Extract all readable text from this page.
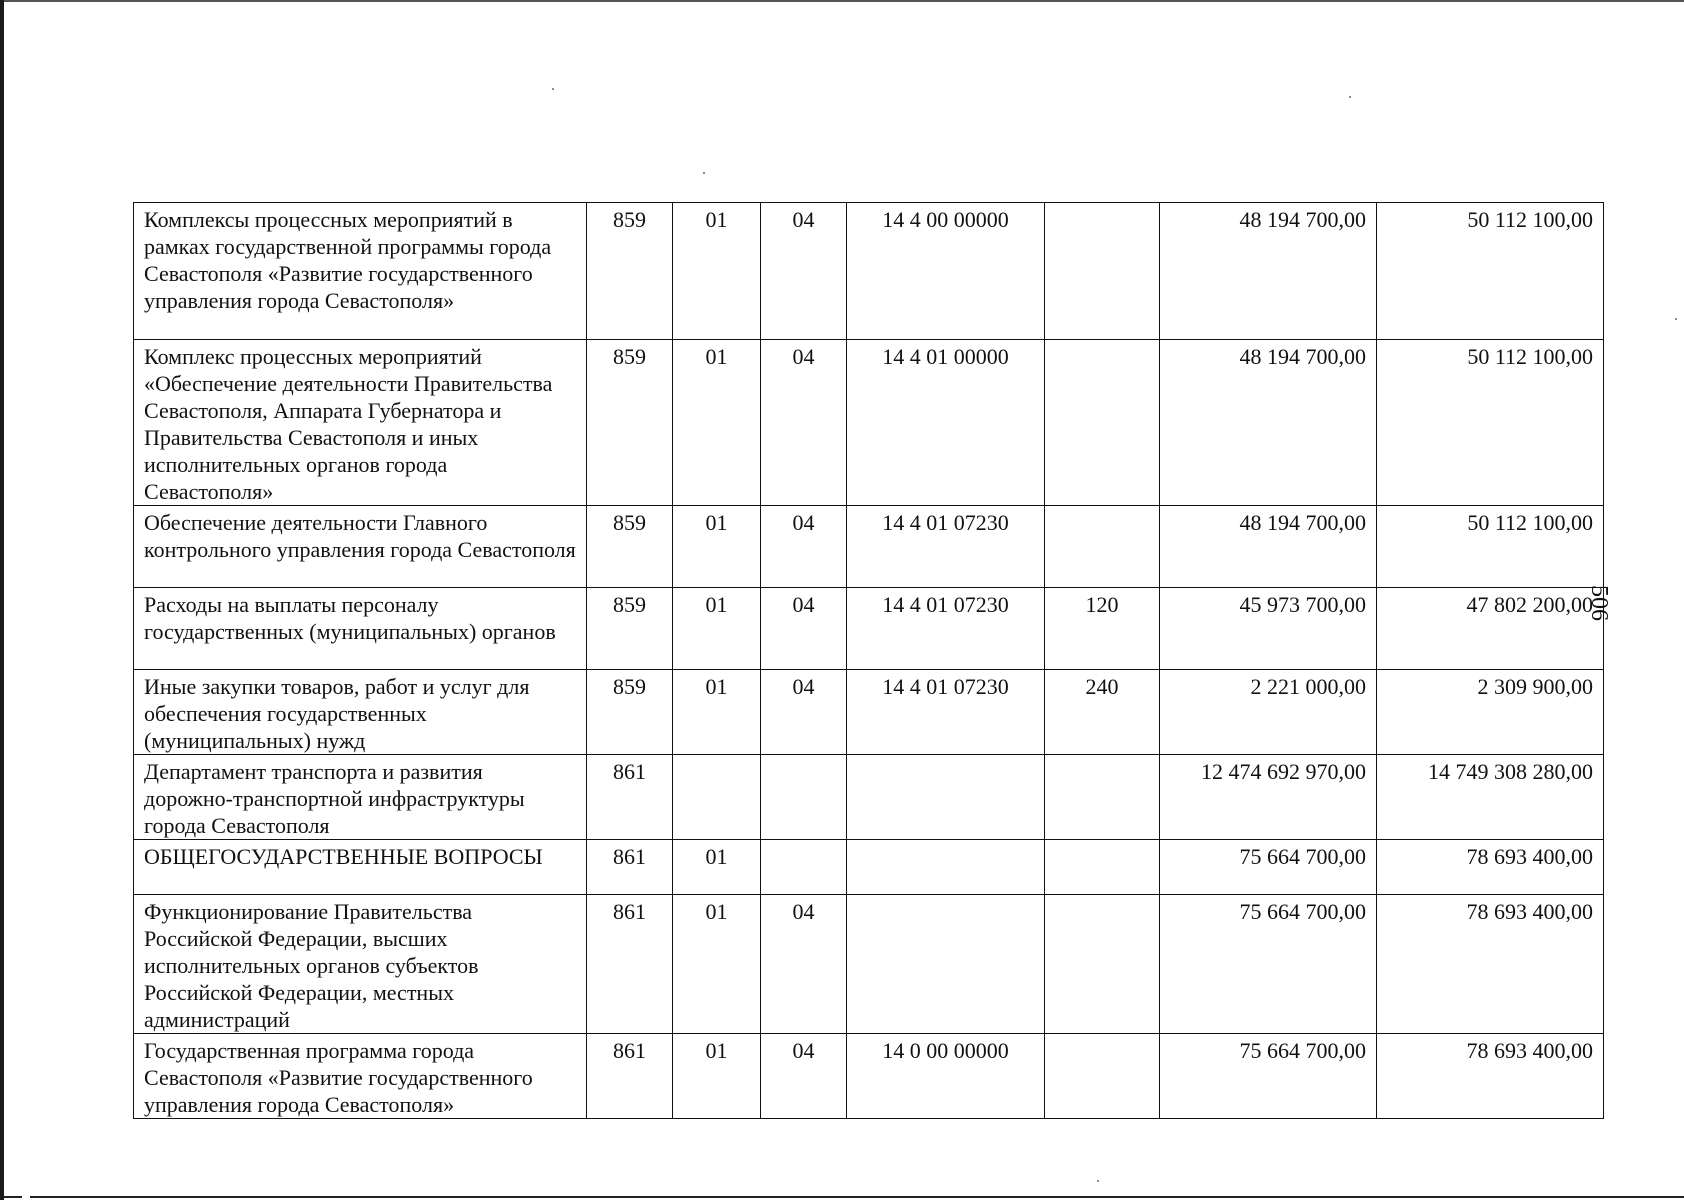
Комплексы процессных мероприятий в рамках государственной программы города Севастополя «Развитие государственного управления города Севастополя»	859	01	04	14 4 00 00000		48 194 700,00	50 112 100,00
Комплекс процессных мероприятий «Обеспечение деятельности Правительства Севастополя, Аппарата Губернатора и Правительства Севастополя и иных исполнительных органов города Севастополя»	859	01	04	14 4 01 00000		48 194 700,00	50 112 100,00
Обеспечение деятельности Главного контрольного управления города Севастополя	859	01	04	14 4 01 07230		48 194 700,00	50 112 100,00
Расходы на выплаты персоналу государственных (муниципальных) органов	859	01	04	14 4 01 07230	120	45 973 700,00	47 802 200,00
Иные закупки товаров, работ и услуг для обеспечения государственных (муниципальных) нужд	859	01	04	14 4 01 07230	240	2 221 000,00	2 309 900,00
Департамент транспорта и развития дорожно-транспортной инфраструктуры города Севастополя	861					12 474 692 970,00	14 749 308 280,00
ОБЩЕГОСУДАРСТВЕННЫЕ ВОПРОСЫ	861	01				75 664 700,00	78 693 400,00
Функционирование Правительства Российской Федерации, высших исполнительных органов субъектов Российской Федерации, местных администраций	861	01	04			75 664 700,00	78 693 400,00
Государственная программа города Севастополя «Развитие государственного управления города Севастополя»	861	01	04	14 0 00 00000		75 664 700,00	78 693 400,00
506
